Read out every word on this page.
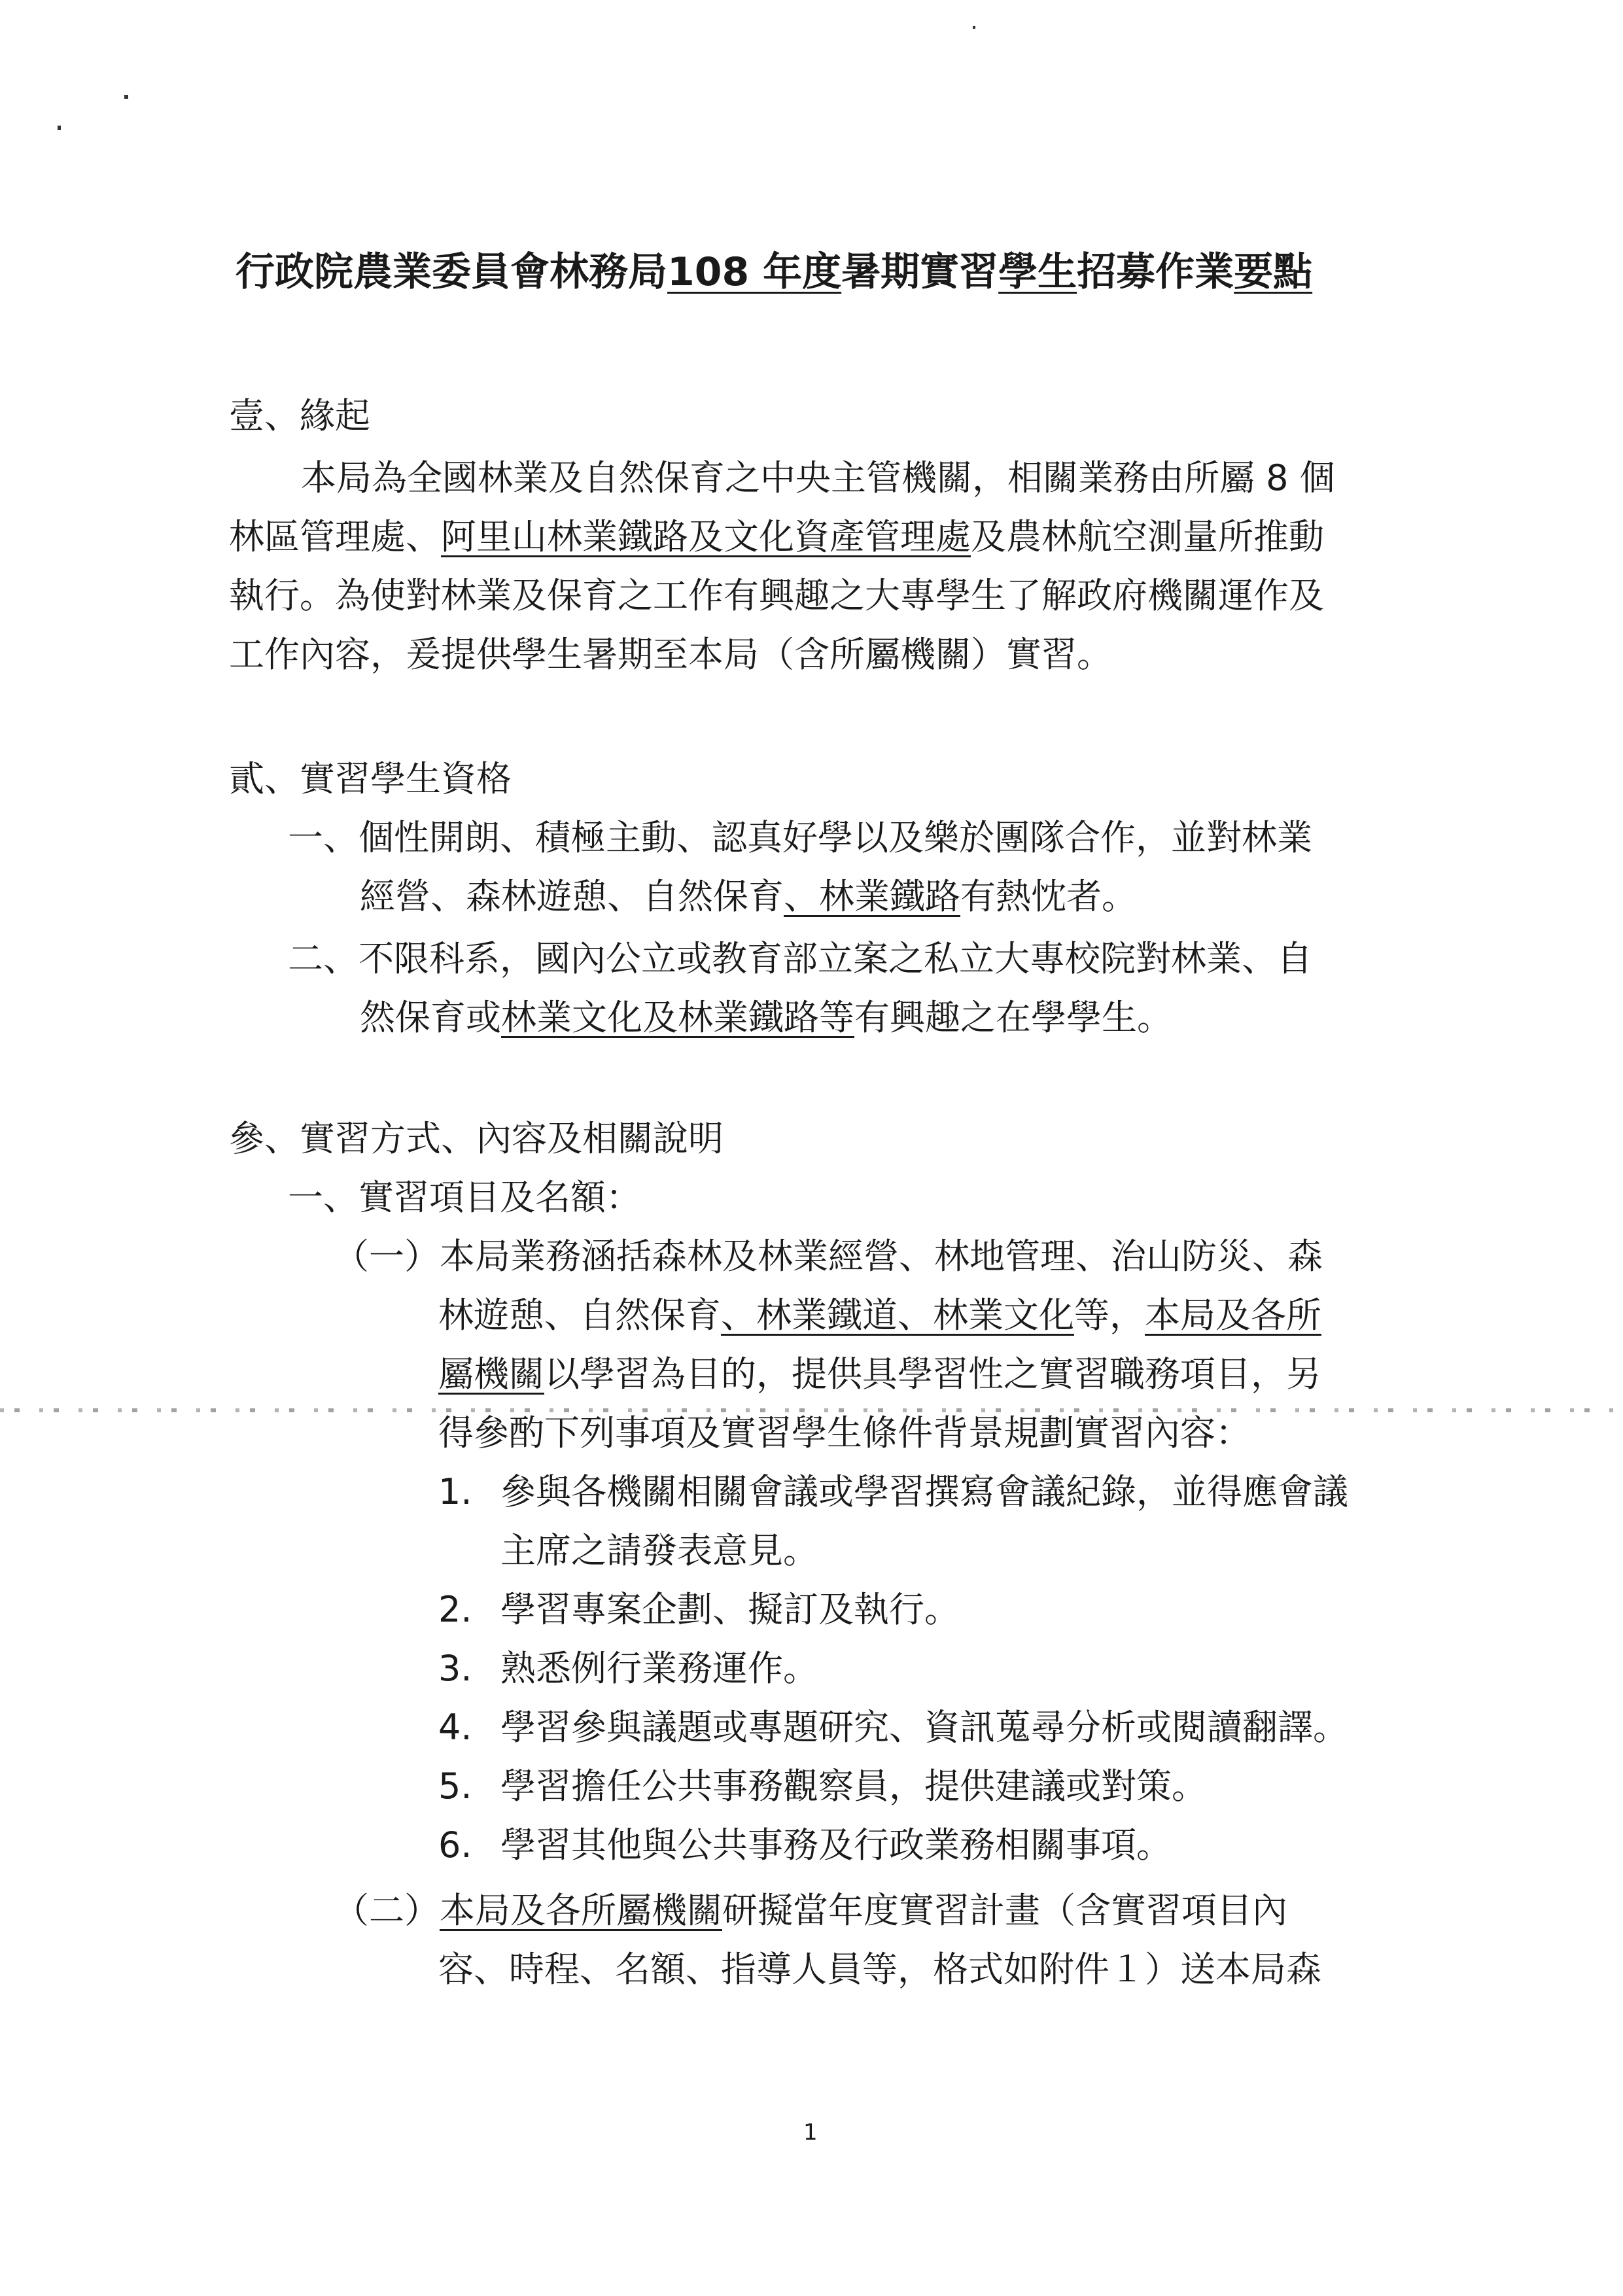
行政院農業委員會林務局108 年度暑期實習學生招募作業要點
壹、緣起
本局為全國林業及自然保育之中央主管機關，相關業務由所屬 8 個
林區管理處、阿里山林業鐵路及文化資產管理處及農林航空測量所推動
執行。為使對林業及保育之工作有興趣之大專學生了解政府機關運作及
工作內容，爰提供學生暑期至本局（含所屬機關）實習。
貳、實習學生資格
一、個性開朗、積極主動、認真好學以及樂於團隊合作，並對林業
經營、森林遊憩、自然保育、林業鐵路有熱忱者。
二、不限科系，國內公立或教育部立案之私立大專校院對林業、自
然保育或林業文化及林業鐵路等有興趣之在學學生。
參、實習方式、內容及相關說明
一、實習項目及名額：
（一）本局業務涵括森林及林業經營、林地管理、治山防災、森
林遊憩、自然保育、林業鐵道、林業文化等，本局及各所
屬機關以學習為目的，提供具學習性之實習職務項目，另
得參酌下列事項及實習學生條件背景規劃實習內容：
1. 參與各機關相關會議或學習撰寫會議紀錄，並得應會議
主席之請發表意見。
2. 學習專案企劃、擬訂及執行。
3. 熟悉例行業務運作。
4. 學習參與議題或專題研究、資訊蒐尋分析或閱讀翻譯。
5. 學習擔任公共事務觀察員，提供建議或對策。
6. 學習其他與公共事務及行政業務相關事項。
（二）本局及各所屬機關研擬當年度實習計畫（含實習項目內
容、時程、名額、指導人員等，格式如附件１）送本局森
1
